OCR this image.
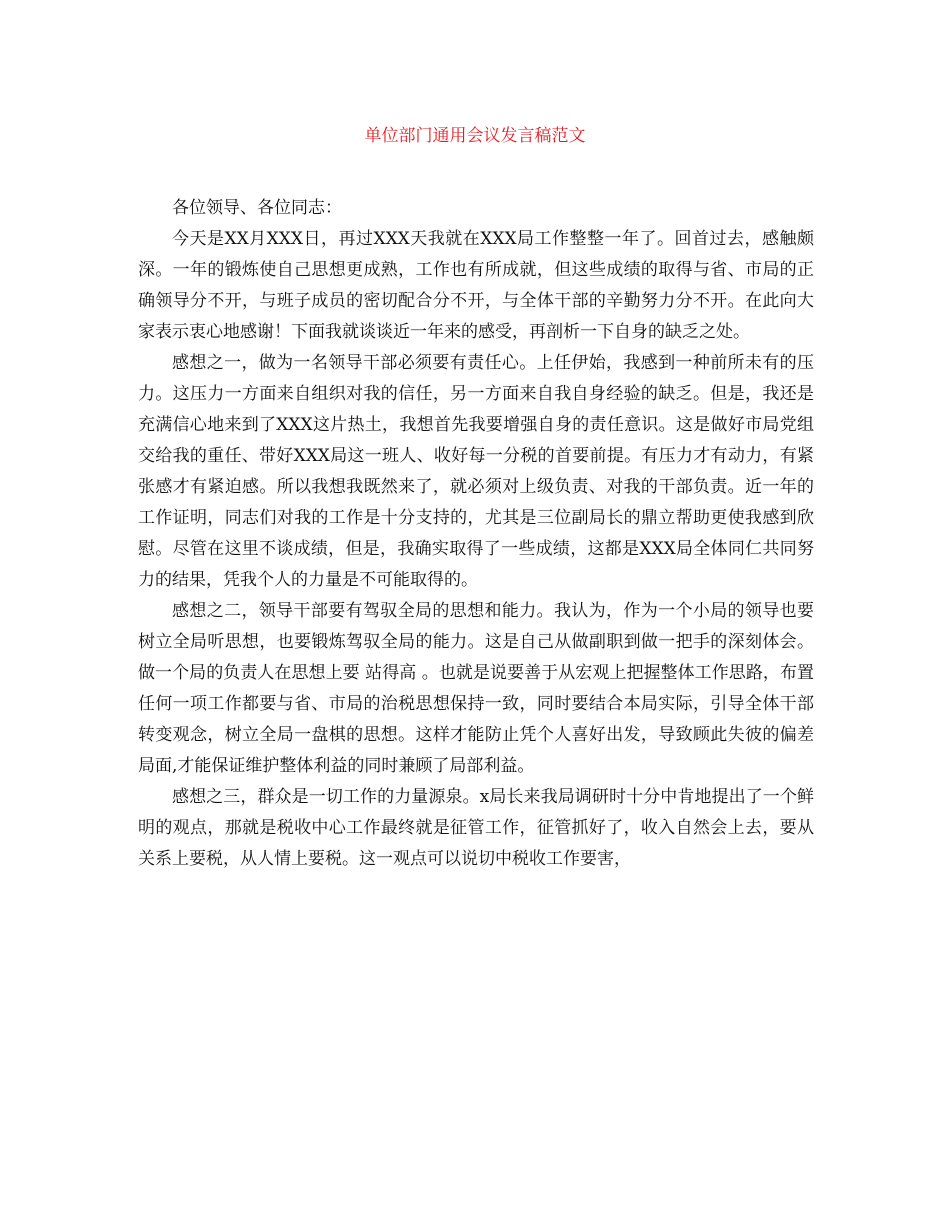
单位部门通用会议发言稿范文

各位领导、各位同志：

今天是XX月XXX日，再过XXX天我就在XXX局工作整整一年了。回首过去，感触颇深。一年的锻炼使自己思想更成熟，工作也有所成就，但这些成绩的取得与省、市局的正确领导分不开，与班子成员的密切配合分不开，与全体干部的辛勤努力分不开。在此向大家表示衷心地感谢！下面我就谈谈近一年来的感受，再剖析一下自身的缺乏之处。

感想之一，做为一名领导干部必须要有责任心。上任伊始，我感到一种前所未有的压力。这压力一方面来自组织对我的信任，另一方面来自我自身经验的缺乏。但是，我还是充满信心地来到了XXX这片热土，我想首先我要增强自身的责任意识。这是做好市局党组交给我的重任、带好XXX局这一班人、收好每一分税的首要前提。有压力才有动力，有紧张感才有紧迫感。所以我想我既然来了，就必须对上级负责、对我的干部负责。近一年的工作证明，同志们对我的工作是十分支持的，尤其是三位副局长的鼎立帮助更使我感到欣慰。尽管在这里不谈成绩，但是，我确实取得了一些成绩，这都是XXX局全体同仁共同努力的结果，凭我个人的力量是不可能取得的。

感想之二，领导干部要有驾驭全局的思想和能力。我认为，作为一个小局的领导也要树立全局听思想，也要锻炼驾驭全局的能力。这是自己从做副职到做一把手的深刻体会。做一个局的负责人在思想上要 站得高 。也就是说要善于从宏观上把握整体工作思路，布置任何一项工作都要与省、市局的治税思想保持一致，同时要结合本局实际，引导全体干部转变观念，树立全局一盘棋的思想。这样才能防止凭个人喜好出发，导致顾此失彼的偏差局面,才能保证维护整体利益的同时兼顾了局部利益。

感想之三，群众是一切工作的力量源泉。x局长来我局调研时十分中肯地提出了一个鲜明的观点，那就是税收中心工作最终就是征管工作，征管抓好了，收入自然会上去，要从关系上要税，从人情上要税。这一观点可以说切中税收工作要害，
